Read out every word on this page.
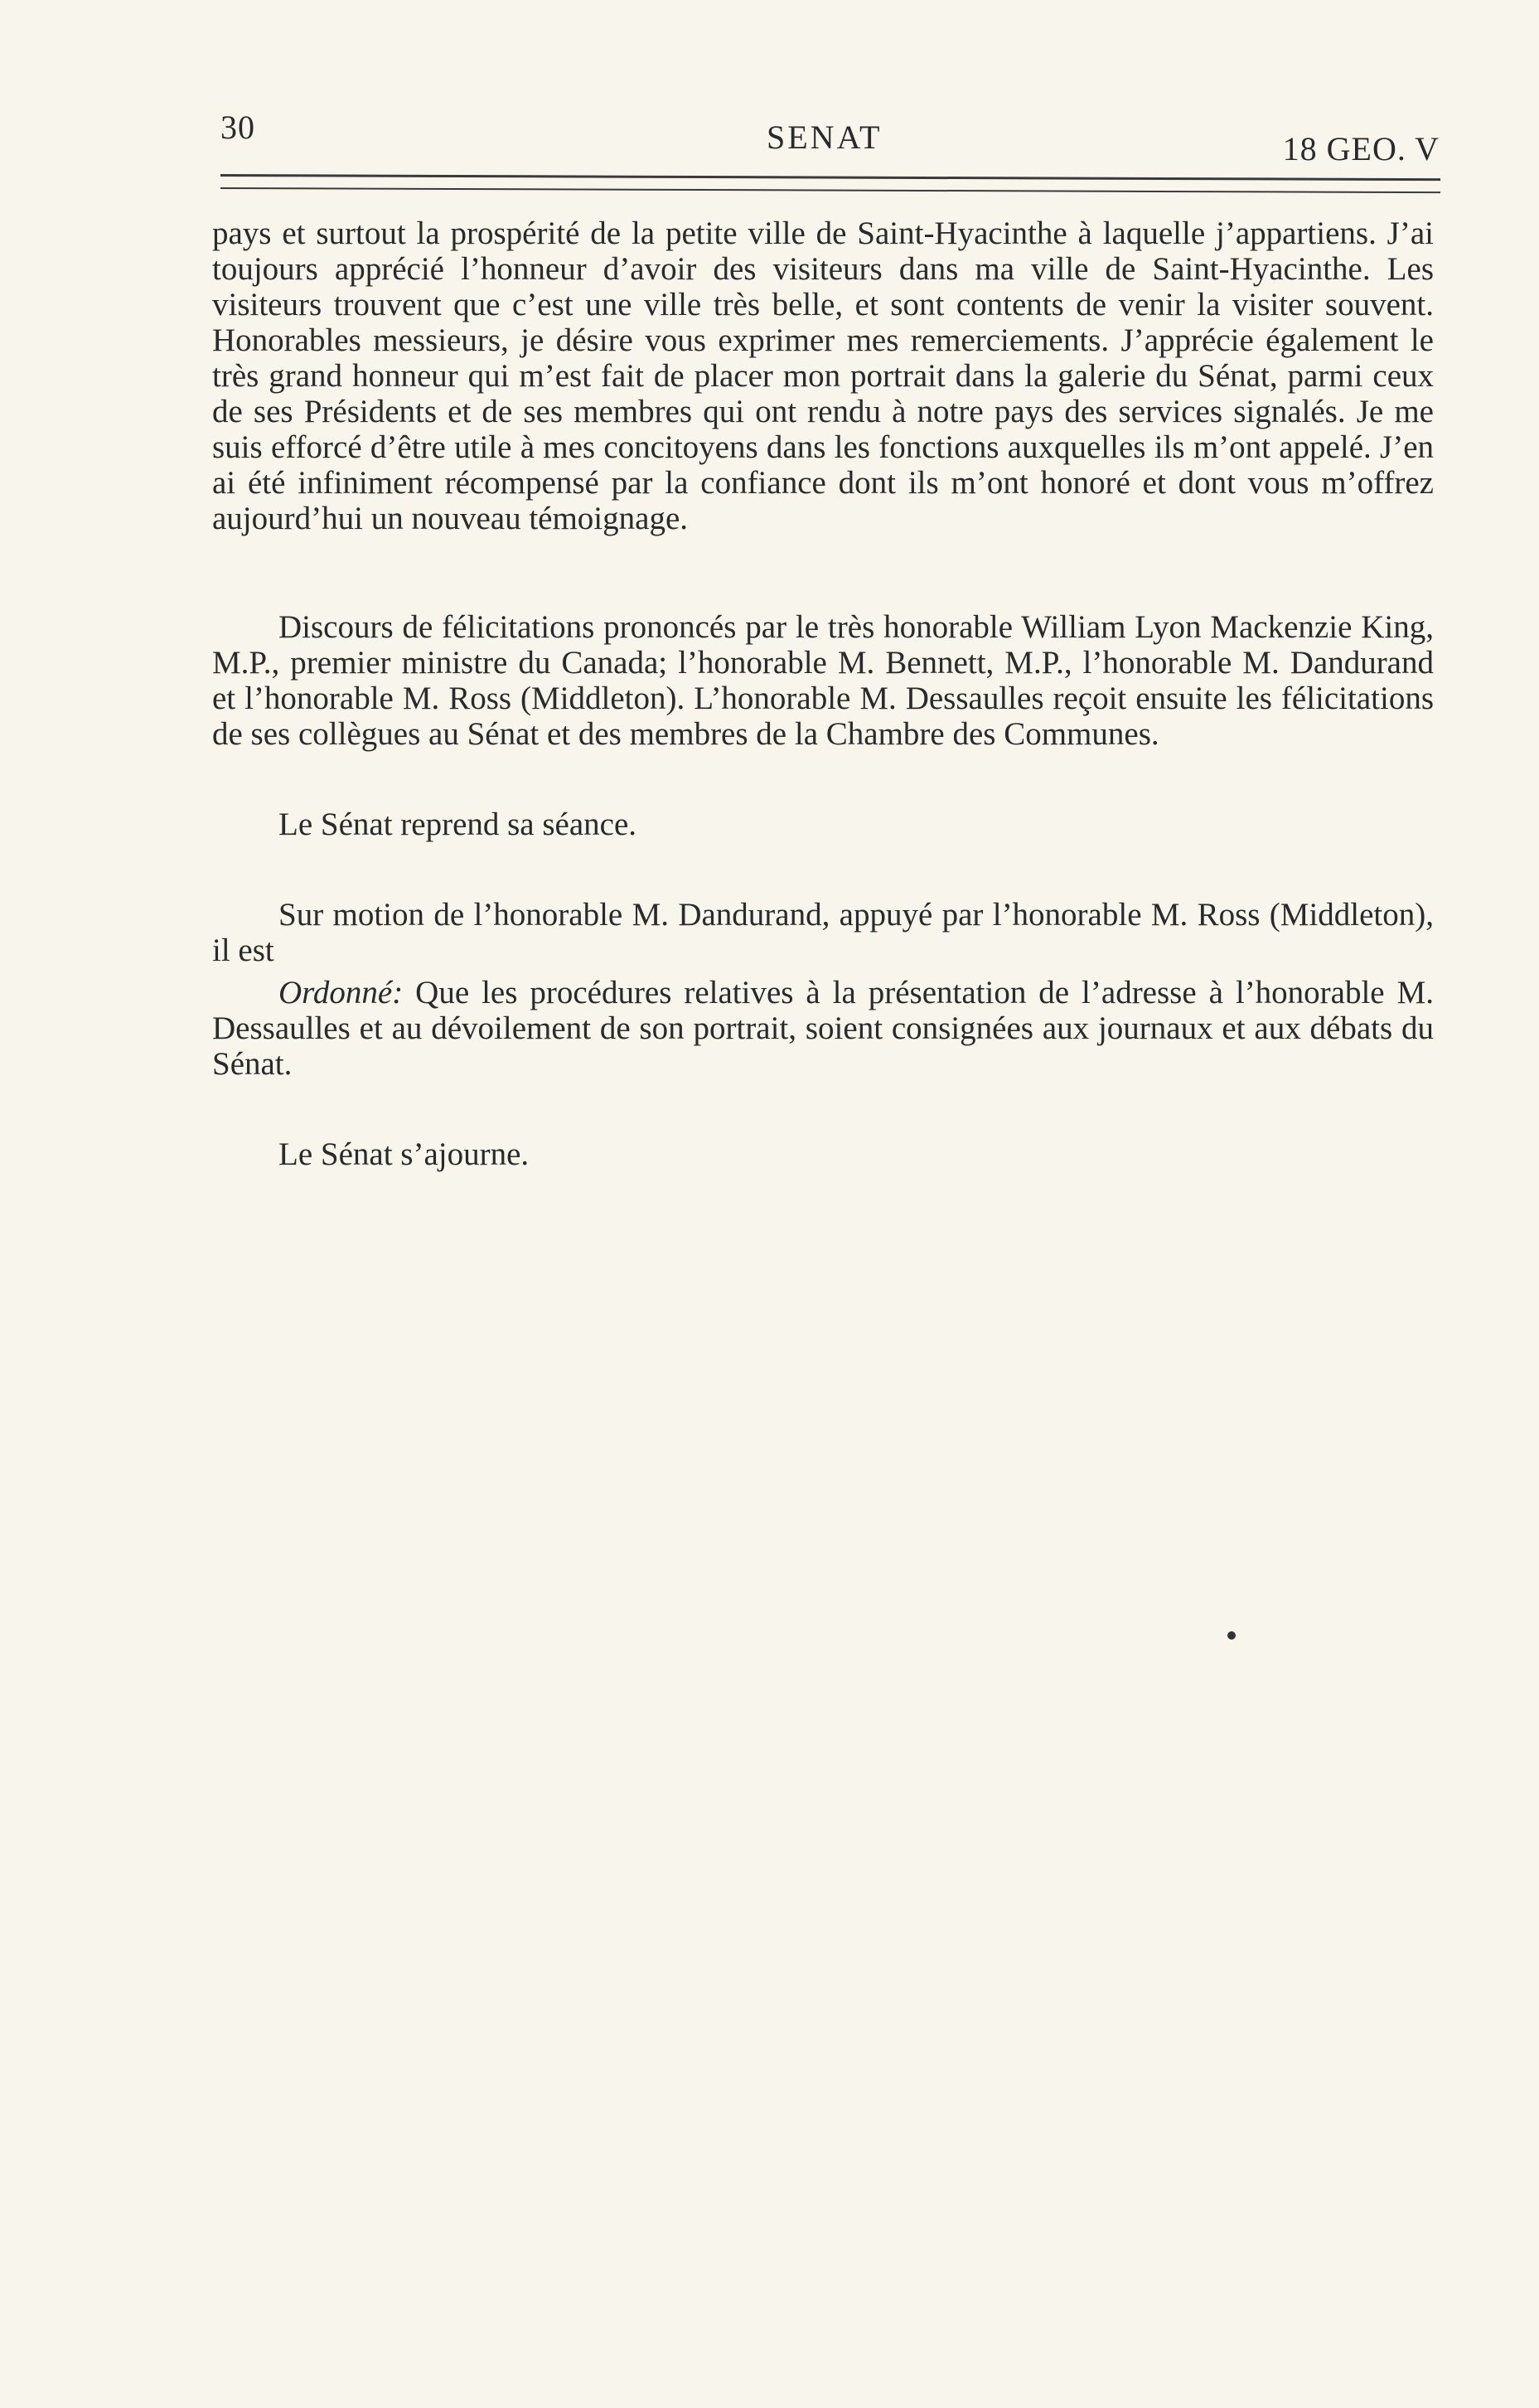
30	SENAT	18 GEO. V

pays et surtout la prospérité de la petite ville de Saint-Hyacinthe à laquelle j’appartiens. J’ai toujours apprécié l’honneur d’avoir des visiteurs dans ma ville de Saint-Hyacinthe. Les visiteurs trouvent que c’est une ville très belle, et sont contents de venir la visiter souvent. Honorables messieurs, je désire vous exprimer mes remerciements. J’apprécie également le très grand honneur qui m’est fait de placer mon portrait dans la galerie du Sénat, parmi ceux de ses Présidents et de ses membres qui ont rendu à notre pays des services signalés. Je me suis efforcé d’être utile à mes concitoyens dans les fonctions auxquelles ils m’ont appelé. J’en ai été infiniment récompensé par la confiance dont ils m’ont honoré et dont vous m’offrez aujourd’hui un nouveau témoignage.

Discours de félicitations prononcés par le très honorable William Lyon Mackenzie King, M.P., premier ministre du Canada; l’honorable M. Bennett, M.P., l’honorable M. Dandurand et l’honorable M. Ross (Middleton). L’honorable M. Dessaulles reçoit ensuite les félicitations de ses collègues au Sénat et des membres de la Chambre des Communes.

Le Sénat reprend sa séance.

Sur motion de l’honorable M. Dandurand, appuyé par l’honorable M. Ross (Middleton), il est

Ordonné: Que les procédures relatives à la présentation de l’adresse à l’honorable M. Dessaulles et au dévoilement de son portrait, soient consignées aux journaux et aux débats du Sénat.

Le Sénat s’ajourne.
